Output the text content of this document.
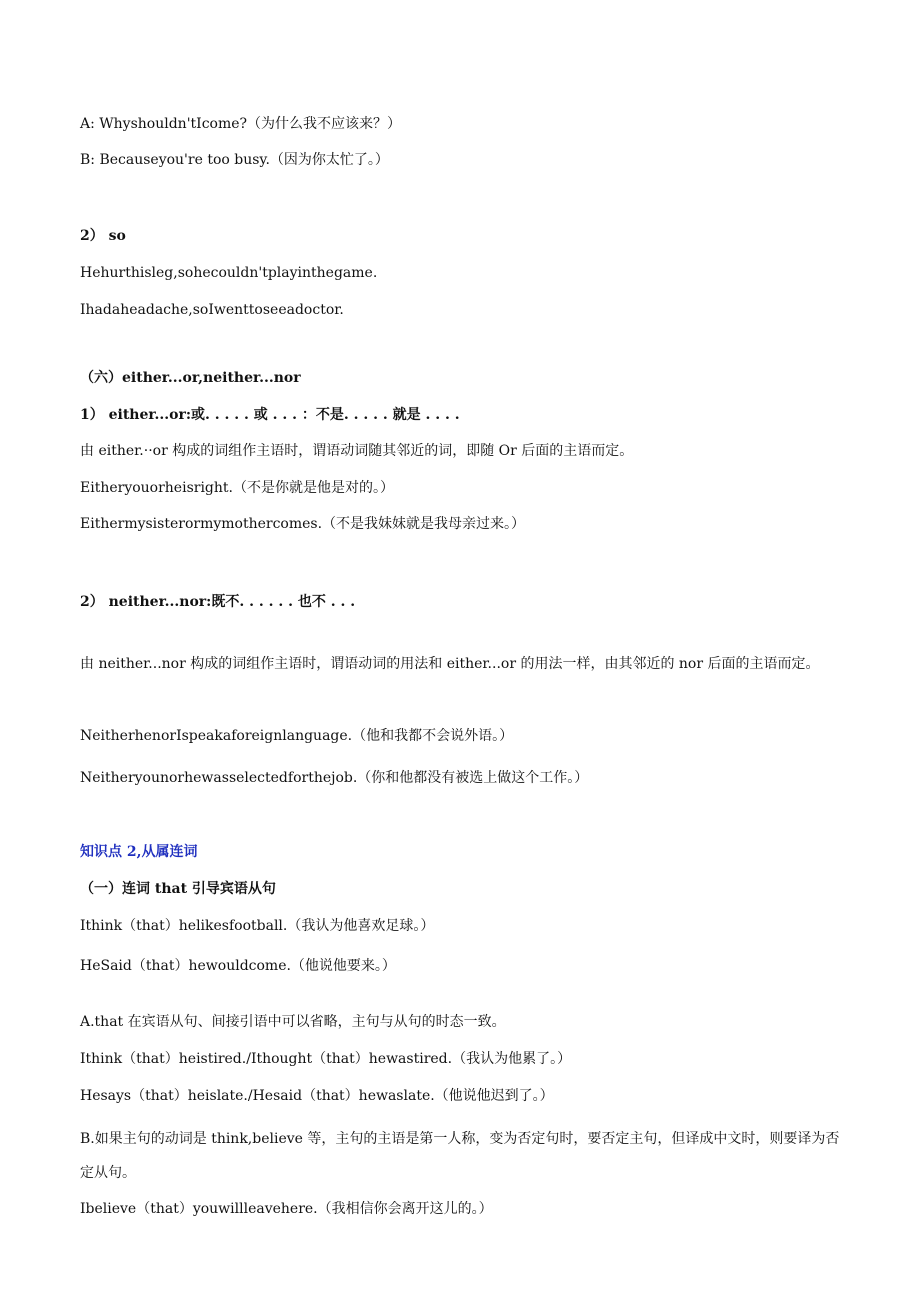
A: Whyshouldn'tIcome?（为什么我不应该来？）
B: Becauseyou're too busy.（因为你太忙了。）
2） so
Hehurthisleg,sohecouldn'tplayinthegame.
Ihadaheadache,soIwenttoseeadoctor.
（六）either...or,neither...nor
1） either...or:或. . . . . 或 . . . ：不是. . . . . 就是 . . . .
由 either.··or 构成的词组作主语时，谓语动词随其邻近的词，即随 Or 后面的主语而定。
Eitheryouorheisright.（不是你就是他是对的。）
Eithermysisterormymothercomes.（不是我妹妹就是我母亲过来。）
2） neither...nor:既不. . . . . . 也不 . . .
由 neither...nor 构成的词组作主语时，谓语动词的用法和 either...or 的用法一样，由其邻近的 nor 后面的主语而定。
NeitherhenorIspeakaforeignlanguage.（他和我都不会说外语。）
Neitheryounorhewasselectedforthejob.（你和他都没有被选上做这个工作。）
知识点 2,从属连词
（一）连词 that 引导宾语从句
Ithink（that）helikesfootball.（我认为他喜欢足球。）
HeSaid（that）hewouldcome.（他说他要来。）
A.that 在宾语从句、间接引语中可以省略，主句与从句的时态一致。
Ithink（that）heistired./Ithought（that）hewastired.（我认为他累了。）
Hesays（that）heislate./Hesaid（that）hewaslate.（他说他迟到了。）
B.如果主句的动词是 think,believe 等，主句的主语是第一人称，变为否定句时，要否定主句，但译成中文时，则要译为否定从句。
Ibelieve（that）youwillleavehere.（我相信你会离开这儿的。）
